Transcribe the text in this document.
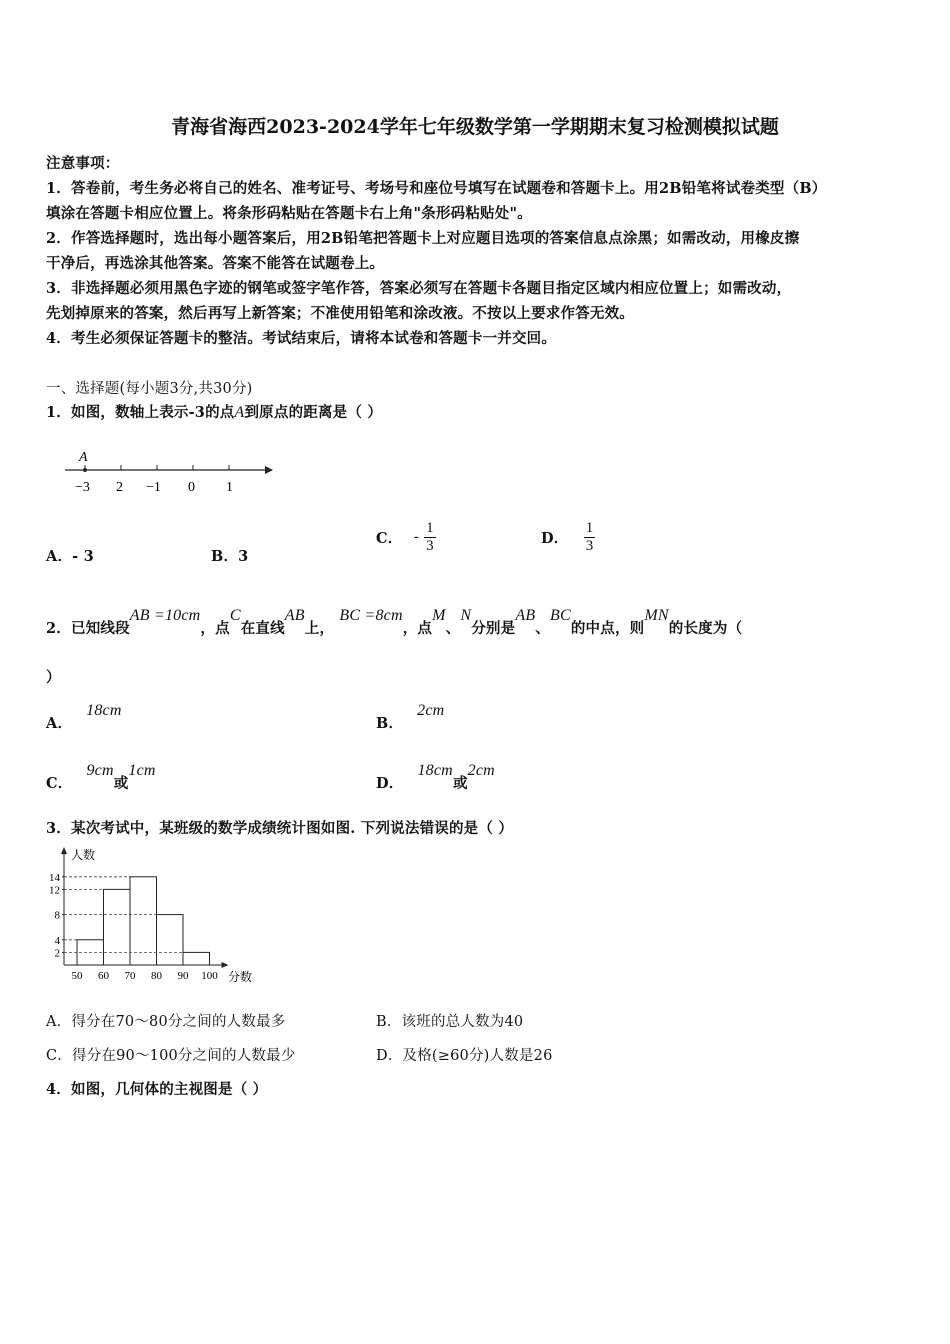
青海省海西2023-2024学年七年级数学第一学期期末复习检测模拟试题
注意事项：
1．答卷前，考生务必将自己的姓名、准考证号、考场号和座位号填写在试题卷和答题卡上。用2B铅笔将试卷类型（B）
填涂在答题卡相应位置上。将条形码粘贴在答题卡右上角"条形码粘贴处"。
2．作答选择题时，选出每小题答案后，用2B铅笔把答题卡上对应题目选项的答案信息点涂黑；如需改动，用橡皮擦
干净后，再选涂其他答案。答案不能答在试题卷上。
3．非选择题必须用黑色字迹的钢笔或签字笔作答，答案必须写在答题卡各题目指定区域内相应位置上；如需改动，
先划掉原来的答案，然后再写上新答案；不准使用铅笔和涂改液。不按以上要求作答无效。
4．考生必须保证答题卡的整洁。考试结束后，请将本试卷和答题卡一并交回。
一、选择题(每小题3分,共30分)
1．如图，数轴上表示-3的点A到原点的距离是（ ）
A
−3 2 −1 0 1
A．- 3	B．3
C． - $\frac{1}{3}$	D． $\frac{1}{3}$
2．已知线段AB =10cm，点C在直线AB上， BC =8cm，点M、N分别是AB、BC的中点，则MN的长度为（
）
A．18cm
B．2cm
C．9cm或1cm
D．18cm或2cm
3．某次考试中，某班级的数学成绩统计图如图. 下列说法错误的是（ ）
2
4
8
12
14
50 60 70 80 90 100
人数
分数
A．得分在70～80分之间的人数最多	B．该班的总人数为40
C．得分在90～100分之间的人数最少	D．及格(≥60分)人数是26
4．如图，几何体的主视图是（ ）
